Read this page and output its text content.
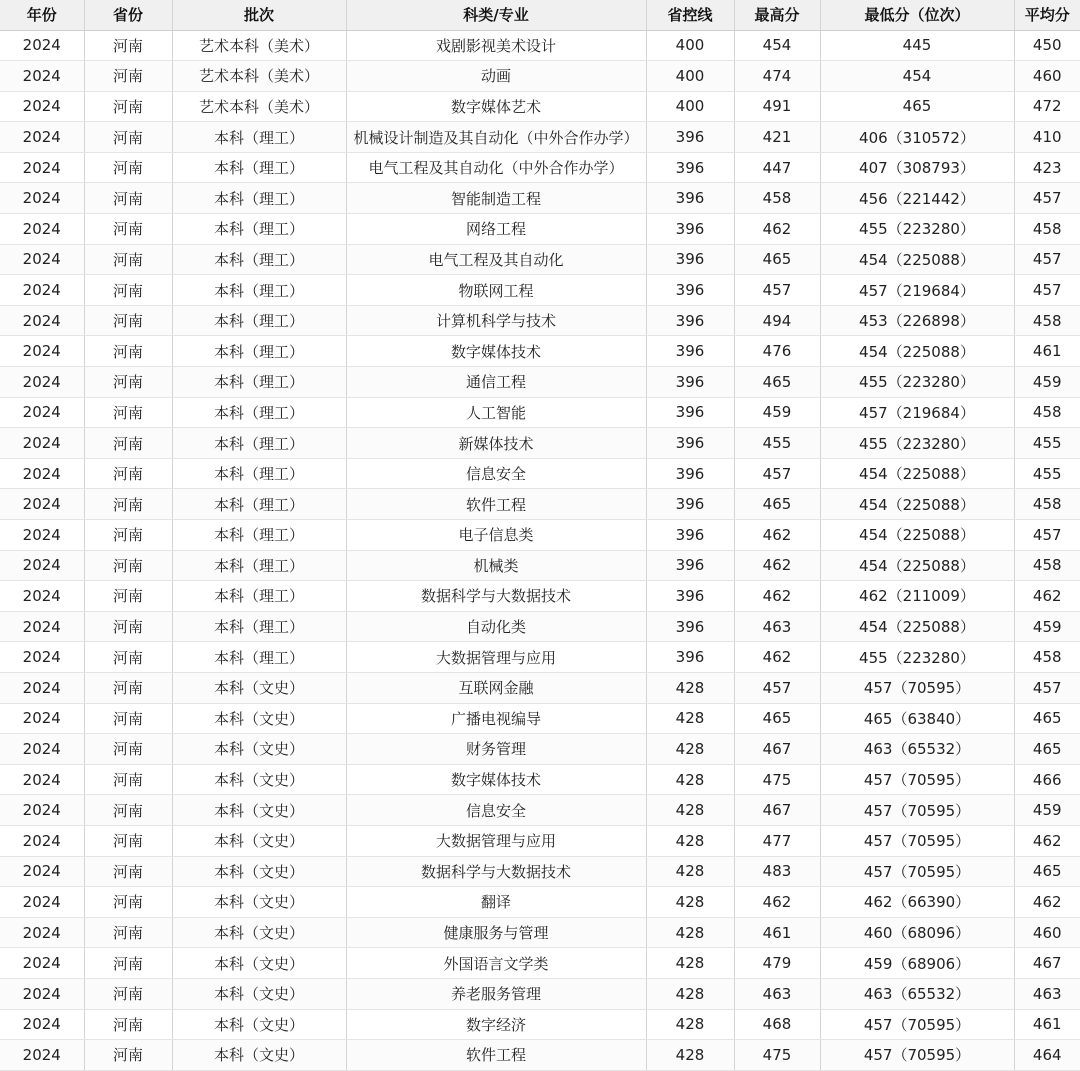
年份	省份	批次	科类/专业	省控线	最高分	最低分（位次）	平均分
2024	河南	艺术本科（美术）	戏剧影视美术设计	400	454	445	450
2024	河南	艺术本科（美术）	动画	400	474	454	460
2024	河南	艺术本科（美术）	数字媒体艺术	400	491	465	472
2024	河南	本科（理工）	机械设计制造及其自动化（中外合作办学）	396	421	406（310572）	410
2024	河南	本科（理工）	电气工程及其自动化（中外合作办学）	396	447	407（308793）	423
2024	河南	本科（理工）	智能制造工程	396	458	456（221442）	457
2024	河南	本科（理工）	网络工程	396	462	455（223280）	458
2024	河南	本科（理工）	电气工程及其自动化	396	465	454（225088）	457
2024	河南	本科（理工）	物联网工程	396	457	457（219684）	457
2024	河南	本科（理工）	计算机科学与技术	396	494	453（226898）	458
2024	河南	本科（理工）	数字媒体技术	396	476	454（225088）	461
2024	河南	本科（理工）	通信工程	396	465	455（223280）	459
2024	河南	本科（理工）	人工智能	396	459	457（219684）	458
2024	河南	本科（理工）	新媒体技术	396	455	455（223280）	455
2024	河南	本科（理工）	信息安全	396	457	454（225088）	455
2024	河南	本科（理工）	软件工程	396	465	454（225088）	458
2024	河南	本科（理工）	电子信息类	396	462	454（225088）	457
2024	河南	本科（理工）	机械类	396	462	454（225088）	458
2024	河南	本科（理工）	数据科学与大数据技术	396	462	462（211009）	462
2024	河南	本科（理工）	自动化类	396	463	454（225088）	459
2024	河南	本科（理工）	大数据管理与应用	396	462	455（223280）	458
2024	河南	本科（文史）	互联网金融	428	457	457（70595）	457
2024	河南	本科（文史）	广播电视编导	428	465	465（63840）	465
2024	河南	本科（文史）	财务管理	428	467	463（65532）	465
2024	河南	本科（文史）	数字媒体技术	428	475	457（70595）	466
2024	河南	本科（文史）	信息安全	428	467	457（70595）	459
2024	河南	本科（文史）	大数据管理与应用	428	477	457（70595）	462
2024	河南	本科（文史）	数据科学与大数据技术	428	483	457（70595）	465
2024	河南	本科（文史）	翻译	428	462	462（66390）	462
2024	河南	本科（文史）	健康服务与管理	428	461	460（68096）	460
2024	河南	本科（文史）	外国语言文学类	428	479	459（68906）	467
2024	河南	本科（文史）	养老服务管理	428	463	463（65532）	463
2024	河南	本科（文史）	数字经济	428	468	457（70595）	461
2024	河南	本科（文史）	软件工程	428	475	457（70595）	464
